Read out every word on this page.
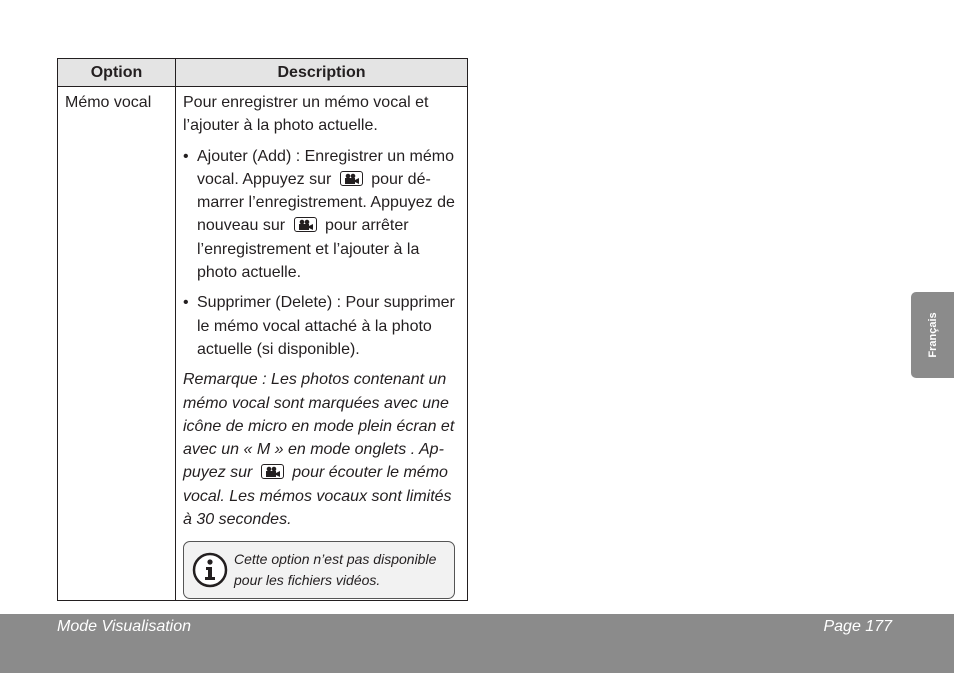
Option	Description
Mémo vocal Pour enregistrer un mémo vocal et l’ajouter à la photo actuelle.

• Ajouter (Add) : Enregistrer un mémo vocal. Appuyez sur pour dé-marrer l’enregistrement. Appuyez de nouveau sur pour arrêter l’enregistrement et l’ajouter à la photo actuelle.
• Supprimer (Delete) : Pour supprimer le mémo vocal attaché à la photo actuelle (si disponible).

Remarque : Les photos contenant un mémo vocal sont marquées avec une icône de micro en mode plein écran et avec un « M » en mode onglets . Ap-puyez sur pour écouter le mémo vocal. Les mémos vocaux sont limités à 30 secondes.

Cette option n’est pas disponible pour les fichiers vidéos.
Français
Mode Visualisation	Page 177
